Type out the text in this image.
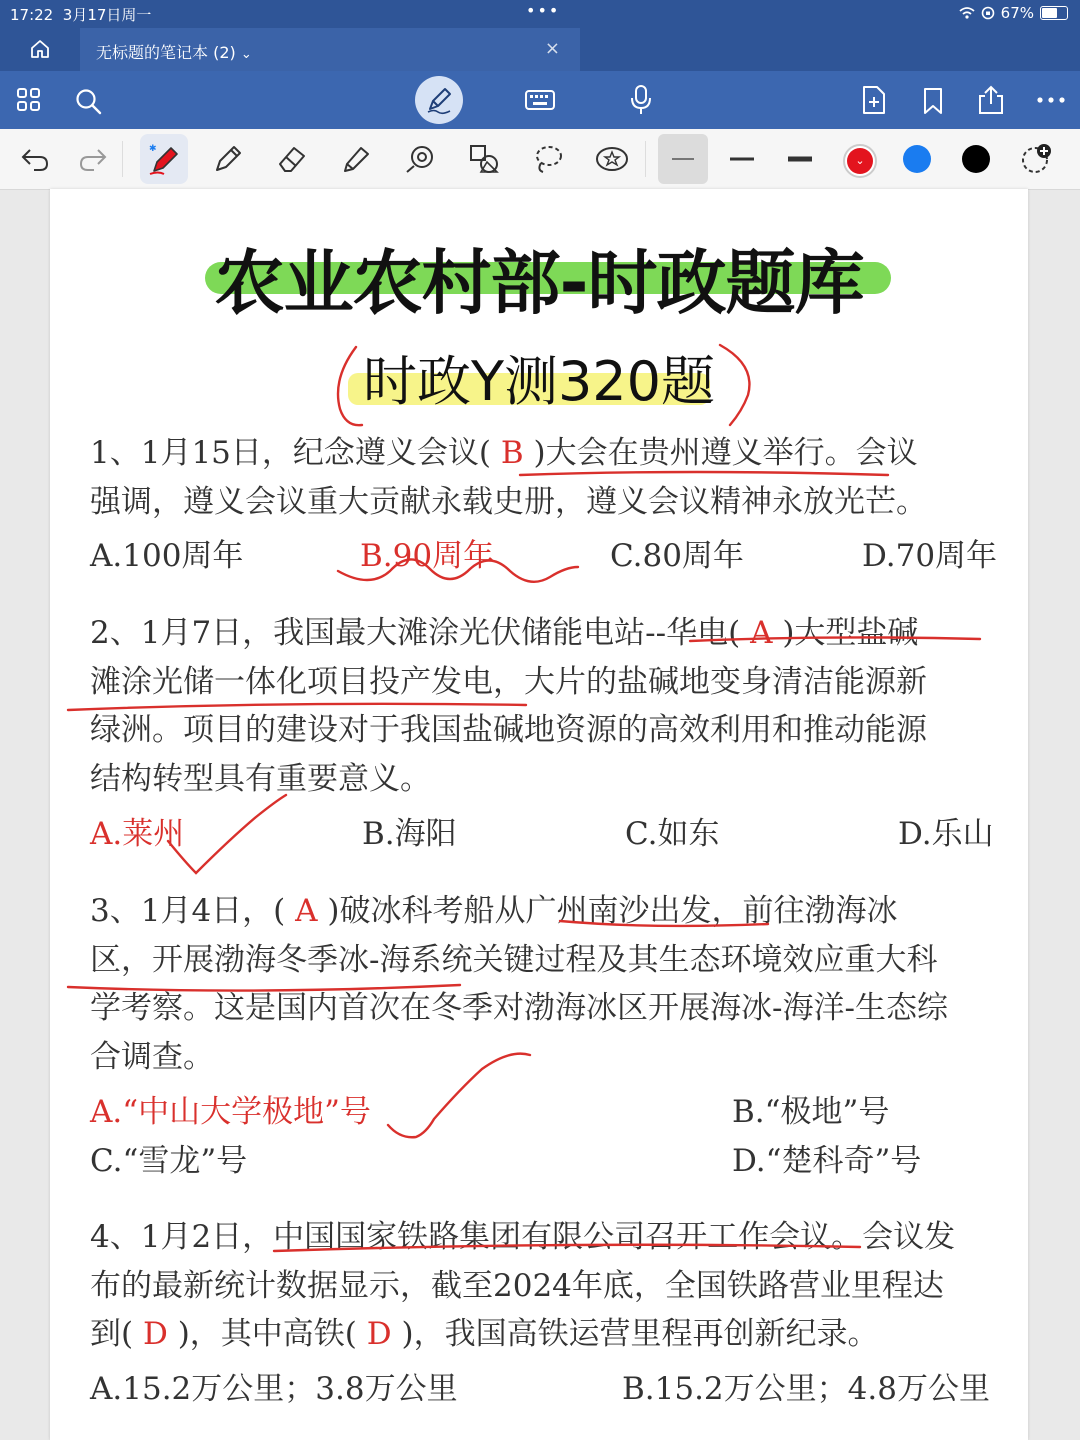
17:22 3月17日周一	•••	67%
无标题的笔记本 (2) ⌄	×
✱
⌄
农业农村部-时政题库
时政Y测320题

1、1月15日，纪念遵义会议( B )大会在贵州遵义举行。会议

强调，遵义会议重大贡献永载史册，遵义会议精神永放光芒。

A.100周年	B.90周年	C.80周年	D.70周年

2、1月7日，我国最大滩涂光伏储能电站--华电( A )大型盐碱

滩涂光储一体化项目投产发电，大片的盐碱地变身清洁能源新

绿洲。项目的建设对于我国盐碱地资源的高效利用和推动能源

结构转型具有重要意义。

A.莱州	B.海阳	C.如东	D.乐山

3、1月4日，( A )破冰科考船从广州南沙出发，前往渤海冰

区，开展渤海冬季冰-海系统关键过程及其生态环境效应重大科

学考察。这是国内首次在冬季对渤海冰区开展海冰-海洋-生态综

合调查。

A.“中山大学极地”号	B.“极地”号
C.“雪龙”号	D.“楚科奇”号

4、1月2日，中国国家铁路集团有限公司召开工作会议。会议发

布的最新统计数据显示，截至2024年底，全国铁路营业里程达

到( D )，其中高铁( D )，我国高铁运营里程再创新纪录。

A.15.2万公里；3.8万公里	B.15.2万公里；4.8万公里
